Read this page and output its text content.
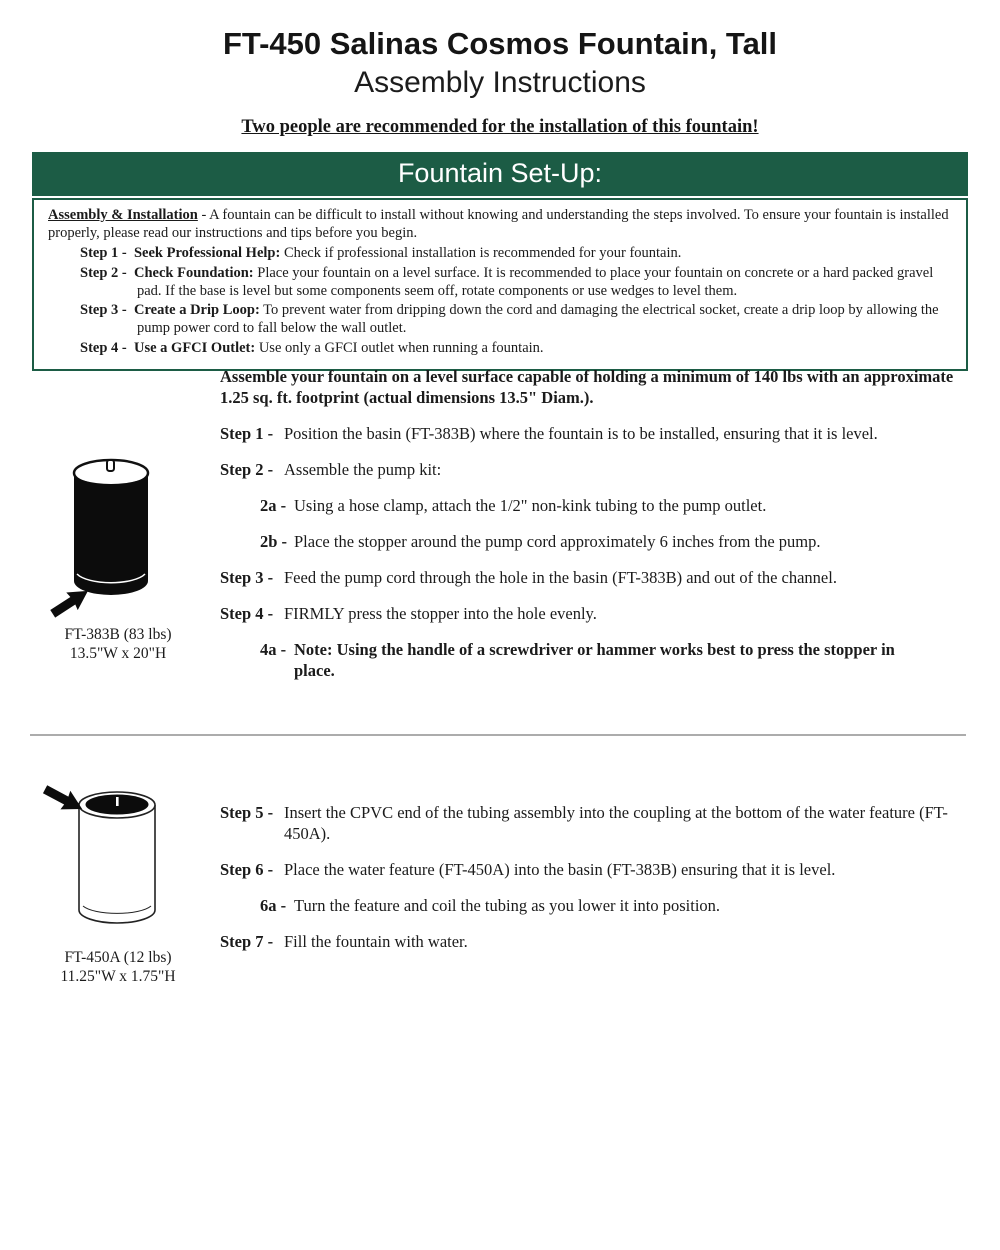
FT-450 Salinas Cosmos Fountain, Tall
Assembly Instructions
Two people are recommended for the installation of this fountain!
Fountain Set-Up:

Assembly & Installation - A fountain can be difficult to install without knowing and understanding the steps involved. To ensure your fountain is installed properly, please read our instructions and tips before you begin.

Step 1 - Seek Professional Help: Check if professional installation is recommended for your fountain.

Step 2 - Check Foundation: Place your fountain on a level surface. It is recommended to place your fountain on concrete or a hard packed gravel pad. If the base is level but some components seem off, rotate components or use wedges to level them.

Step 3 - Create a Drip Loop: To prevent water from dripping down the cord and damaging the electrical socket, create a drip loop by allowing the pump power cord to fall below the wall outlet.

Step 4 - Use a GFCI Outlet: Use only a GFCI outlet when running a fountain.

Assemble your fountain on a level surface capable of holding a minimum of 140 lbs with an approximate 1.25 sq. ft. footprint (actual dimensions 13.5" Diam.).

Step 1 - Position the basin (FT-383B) where the fountain is to be installed, ensuring that it is level.

Step 2 - Assemble the pump kit:

2a - Using a hose clamp, attach the 1/2" non-kink tubing to the pump outlet.

2b - Place the stopper around the pump cord approximately 6 inches from the pump.

Step 3 - Feed the pump cord through the hole in the basin (FT-383B) and out of the channel.

Step 4 - FIRMLY press the stopper into the hole evenly.

4a - Note: Using the handle of a screwdriver or hammer works best to press the stopper in place.

Step 5 - Insert the CPVC end of the tubing assembly into the coupling at the bottom of the water feature (FT-450A).

Step 6 - Place the water feature (FT-450A) into the basin (FT-383B) ensuring that it is level.

6a - Turn the feature and coil the tubing as you lower it into position.

Step 7 - Fill the fountain with water.

FT-383B (83 lbs)
13.5"W x 20"H
FT-450A (12 lbs)
11.25"W x 1.75"H
